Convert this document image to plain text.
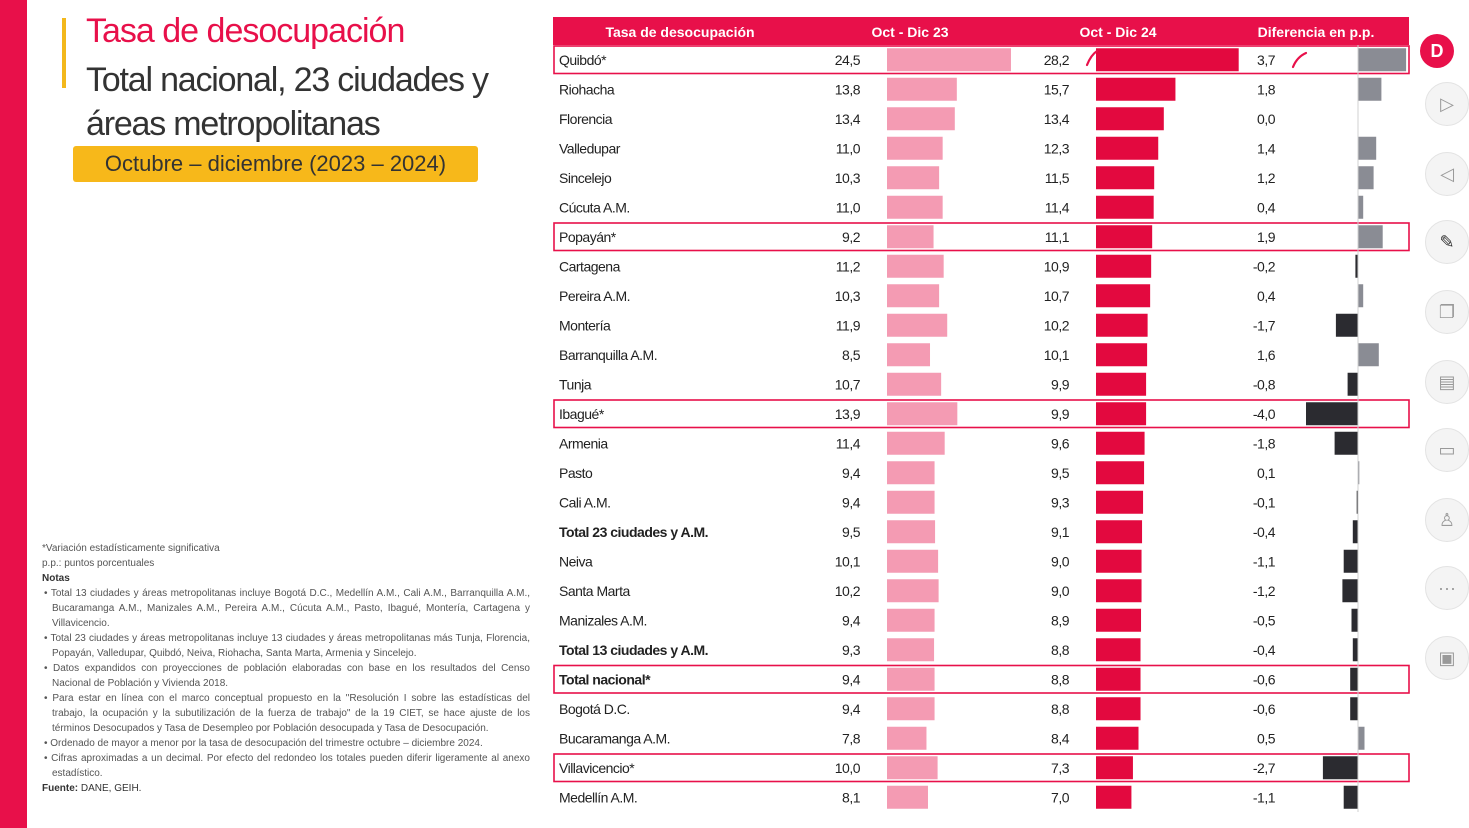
Tasa de desocupación
Total nacional, 23 ciudades y áreas metropolitanas
Octubre – diciembre (2023 – 2024)

*Variación estadísticamente significativa

p.p.: puntos porcentuales

Notas

• Total 13 ciudades y áreas metropolitanas incluye Bogotá D.C., Medellín A.M., Cali A.M., Barranquilla A.M., Bucaramanga A.M., Manizales A.M., Pereira A.M., Cúcuta A.M., Pasto, Ibagué, Montería, Cartagena y Villavicencio.

• Total 23 ciudades y áreas metropolitanas incluye 13 ciudades y áreas metropolitanas más Tunja, Florencia, Popayán, Valledupar, Quibdó, Neiva, Riohacha, Santa Marta, Armenia y Sincelejo.

• Datos expandidos con proyecciones de población elaboradas con base en los resultados del Censo Nacional de Población y Vivienda 2018.

• Para estar en línea con el marco conceptual propuesto en la "Resolución I sobre las estadísticas del trabajo, la ocupación y la subutilización de la fuerza de trabajo" de la 19 CIET, se hace ajuste de los términos Desocupados y Tasa de Desempleo por Población desocupada y Tasa de Desocupación.

• Ordenado de mayor a menor por la tasa de desocupación del trimestre octubre – diciembre 2024.

• Cifras aproximadas a un decimal. Por efecto del redondeo los totales pueden diferir ligeramente al anexo estadístico.

Fuente: DANE, GEIH.

Tasa de desocupación	Oct - Dic 23	Oct - Dic 24	Diferencia en p.p.
Quibdó*	24,5	28,2	3,7
Riohacha	13,8	15,7	1,8
Florencia	13,4	13,4	0,0
Valledupar	11,0	12,3	1,4
Sincelejo	10,3	11,5	1,2
Cúcuta A.M.	11,0	11,4	0,4
Popayán*	9,2	11,1	1,9
Cartagena	11,2	10,9	-0,2
Pereira A.M.	10,3	10,7	0,4
Montería	11,9	10,2	-1,7
Barranquilla A.M.	8,5	10,1	1,6
Tunja	10,7	9,9	-0,8
Ibagué*	13,9	9,9	-4,0
Armenia	11,4	9,6	-1,8
Pasto	9,4	9,5	0,1
Cali A.M.	9,4	9,3	-0,1
Total 23 ciudades y A.M.	9,5	9,1	-0,4
Neiva	10,1	9,0	-1,1
Santa Marta	10,2	9,0	-1,2
Manizales A.M.	9,4	8,9	-0,5
Total 13 ciudades y A.M.	9,3	8,8	-0,4
Total nacional*	9,4	8,8	-0,6
Bogotá D.C.	9,4	8,8	-0,6
Bucaramanga A.M.	7,8	8,4	0,5
Villavicencio*	10,0	7,3	-2,7
Medellín A.M.	8,1	7,0	-1,1
D
▷
◁
✎
❐
▤
▭
♙
···
▣
